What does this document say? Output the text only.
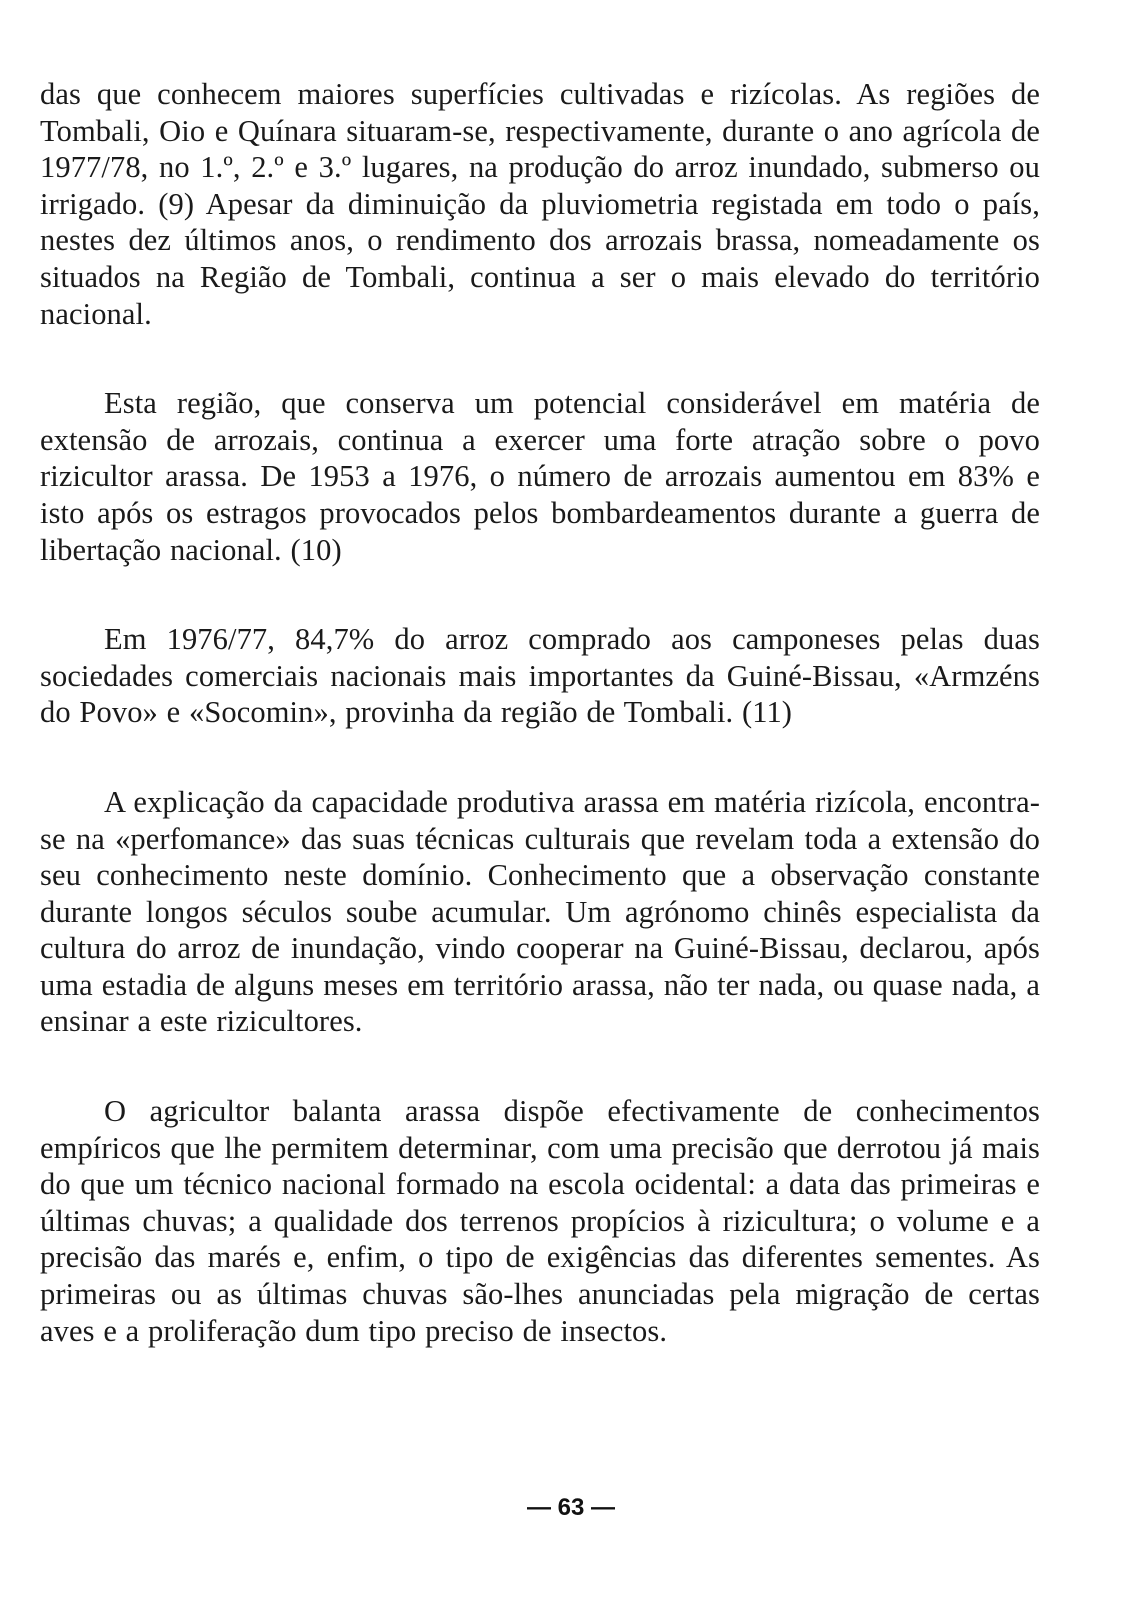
das que conhecem maiores superfícies cultivadas e rizícolas. As regiões de Tombali, Oio e Quínara situaram-se, respectivamente, durante o ano agrícola de 1977/78, no 1.º, 2.º e 3.º lugares, na produção do arroz inundado, submerso ou irrigado. (9) Apesar da diminuição da pluviometria registada em todo o país, nestes dez últimos anos, o rendimento dos arrozais brassa, nomeadamente os situados na Região de Tombali, continua a ser o mais elevado do território nacional.

Esta região, que conserva um potencial considerável em matéria de extensão de arrozais, continua a exercer uma forte atração sobre o povo rizicultor arassa. De 1953 a 1976, o número de arrozais aumentou em 83% e isto após os estragos provocados pelos bombardeamentos durante a guerra de libertação nacional. (10)

Em 1976/77, 84,7% do arroz comprado aos camponeses pelas duas sociedades comerciais nacionais mais importantes da Guiné-Bissau, «Armzéns do Povo» e «Socomin», provinha da região de Tombali. (11)

A explicação da capacidade produtiva arassa em matéria rizícola, encontra-se na «perfomance» das suas técnicas culturais que revelam toda a extensão do seu conhecimento neste domínio. Conhecimento que a observação constante durante longos séculos soube acumular. Um agrónomo chinês especialista da cultura do arroz de inundação, vindo cooperar na Guiné-Bissau, declarou, após uma estadia de alguns meses em território arassa, não ter nada, ou quase nada, a ensinar a este rizicultores.

O agricultor balanta arassa dispõe efectivamente de conhecimentos empíricos que lhe permitem determinar, com uma precisão que derrotou já mais do que um técnico nacional formado na escola ocidental: a data das primeiras e últimas chuvas; a qualidade dos terrenos propícios à rizicultura; o volume e a precisão das marés e, enfim, o tipo de exigências das diferentes sementes. As primeiras ou as últimas chuvas são-lhes anunciadas pela migração de certas aves e a proliferação dum tipo preciso de insectos.

— 63 —
